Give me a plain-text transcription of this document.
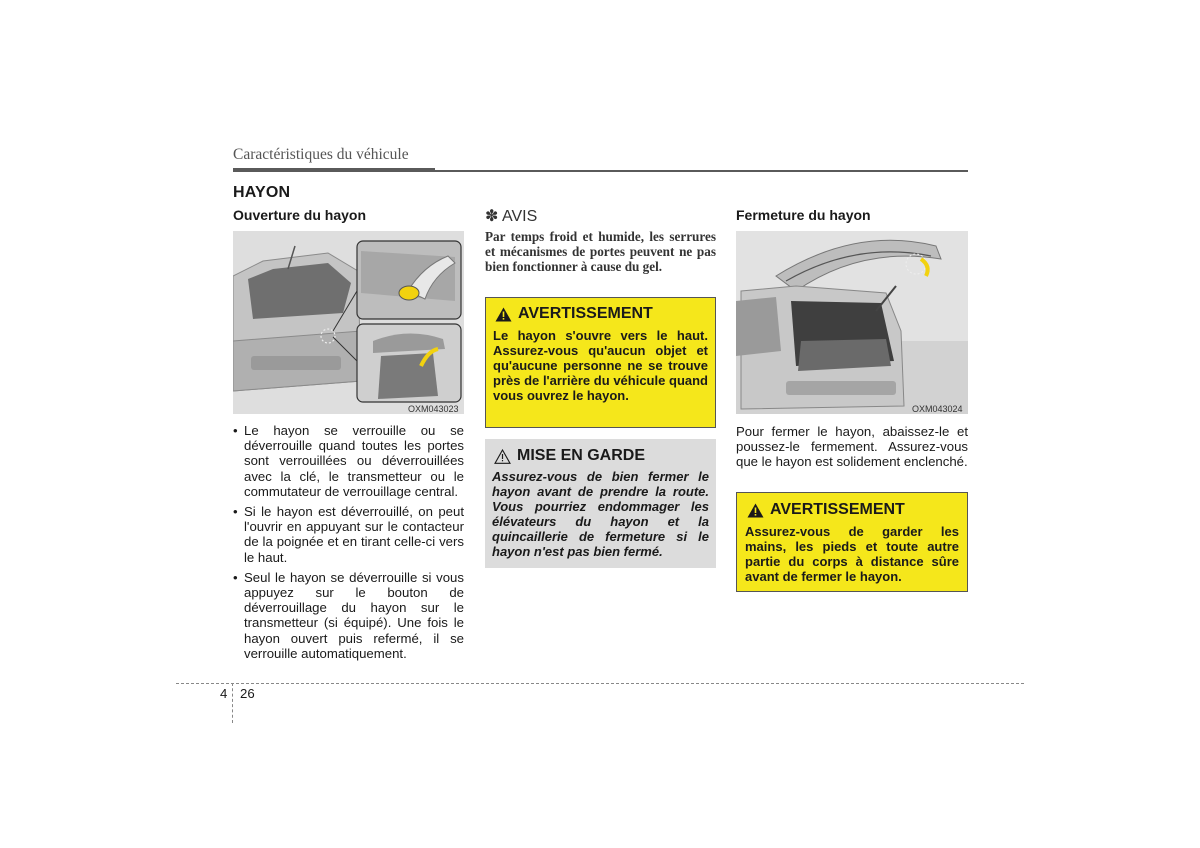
Caractéristiques du véhicule
HAYON
Ouverture du hayon
OXM043023
• Le hayon se verrouille ou se déverrouille quand toutes les portes sont verrouillées ou déverrouillées avec la clé, le transmetteur ou le commutateur de verrouillage central.
• Si le hayon est déverrouillé, on peut l'ouvrir en appuyant sur le contacteur de la poignée et en tirant celle-ci vers le haut.
• Seul le hayon se déverrouille si vous appuyez sur le bouton de déverrouillage du hayon sur le transmetteur (si équipé). Une fois le hayon ouvert puis refermé, il se verrouille automatiquement.
✽ AVIS
Par temps froid et humide, les serrures et mécanismes de portes peuvent ne pas bien fonctionner à cause du gel.
AVERTISSEMENT
Le hayon s'ouvre vers le haut. Assurez-vous qu'aucun objet et qu'aucune personne ne se trouve près de l'arrière du véhicule quand vous ouvrez le hayon.
MISE EN GARDE
Assurez-vous de bien fermer le hayon avant de prendre la route. Vous pourriez endommager les élévateurs du hayon et la quincaillerie de fermeture si le hayon n'est pas bien fermé.
Fermeture du hayon
OXM043024
Pour fermer le hayon, abaissez-le et poussez-le fermement. Assurez-vous que le hayon est solidement enclenché.
AVERTISSEMENT
Assurez-vous de garder les mains, les pieds et toute autre partie du corps à distance sûre avant de fermer le hayon.
4 26
